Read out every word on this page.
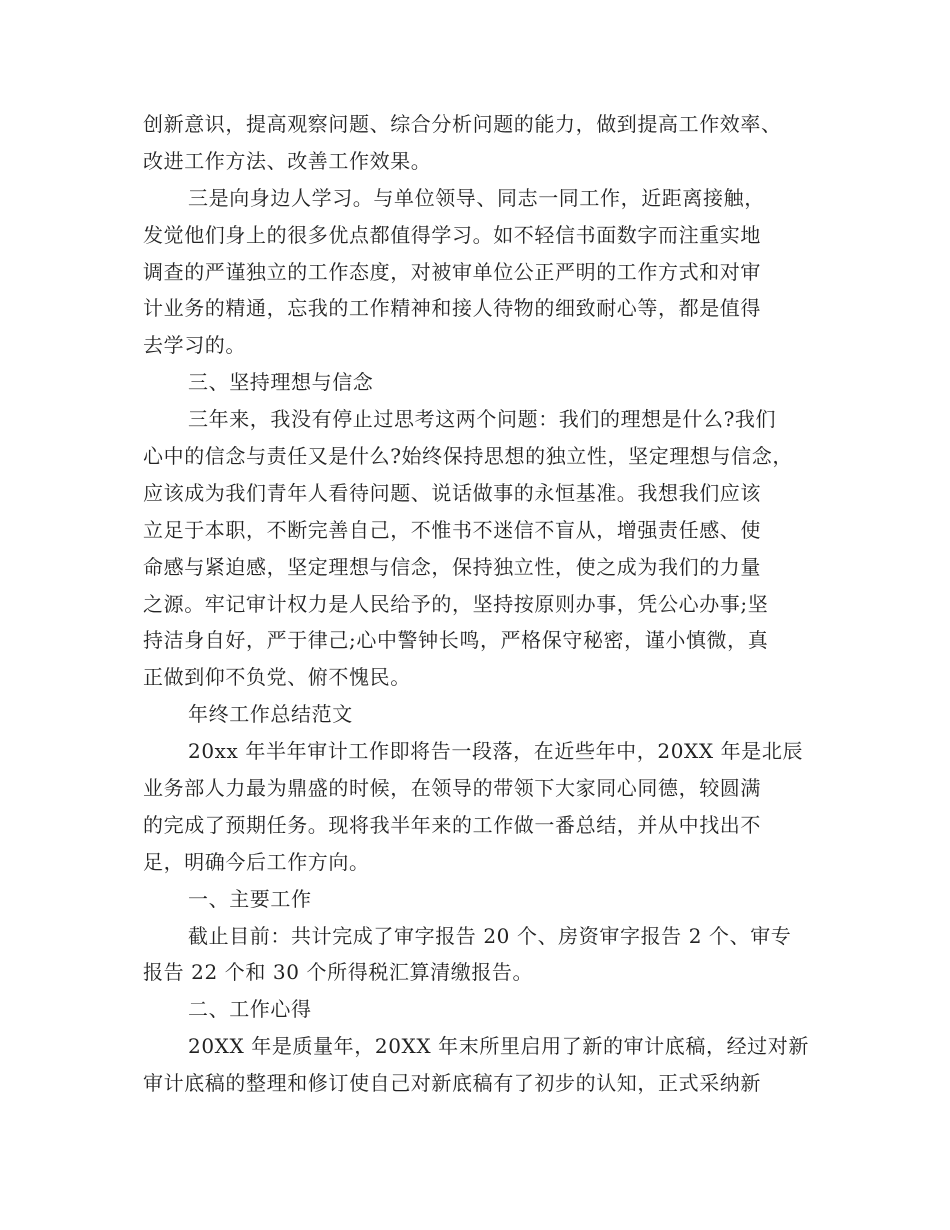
创新意识，提高观察问题、综合分析问题的能力，做到提高工作效率、
改进工作方法、改善工作效果。
三是向身边人学习。与单位领导、同志一同工作，近距离接触，
发觉他们身上的很多优点都值得学习。如不轻信书面数字而注重实地
调查的严谨独立的工作态度，对被审单位公正严明的工作方式和对审
计业务的精通，忘我的工作精神和接人待物的细致耐心等，都是值得
去学习的。
三、坚持理想与信念
三年来，我没有停止过思考这两个问题：我们的理想是什么?我们
心中的信念与责任又是什么?始终保持思想的独立性，坚定理想与信念，
应该成为我们青年人看待问题、说话做事的永恒基准。我想我们应该
立足于本职，不断完善自己，不惟书不迷信不盲从，增强责任感、使
命感与紧迫感，坚定理想与信念，保持独立性，使之成为我们的力量
之源。牢记审计权力是人民给予的，坚持按原则办事，凭公心办事;坚
持洁身自好，严于律己;心中警钟长鸣，严格保守秘密，谨小慎微，真
正做到仰不负党、俯不愧民。
年终工作总结范文
20xx 年半年审计工作即将告一段落，在近些年中，20XX 年是北辰
业务部人力最为鼎盛的时候，在领导的带领下大家同心同德，较圆满
的完成了预期任务。现将我半年来的工作做一番总结，并从中找出不
足，明确今后工作方向。
一、主要工作
截止目前：共计完成了审字报告 20 个、房资审字报告 2 个、审专
报告 22 个和 30 个所得税汇算清缴报告。
二、工作心得
20XX 年是质量年，20XX 年末所里启用了新的审计底稿，经过对新
审计底稿的整理和修订使自己对新底稿有了初步的认知，正式采纳新
